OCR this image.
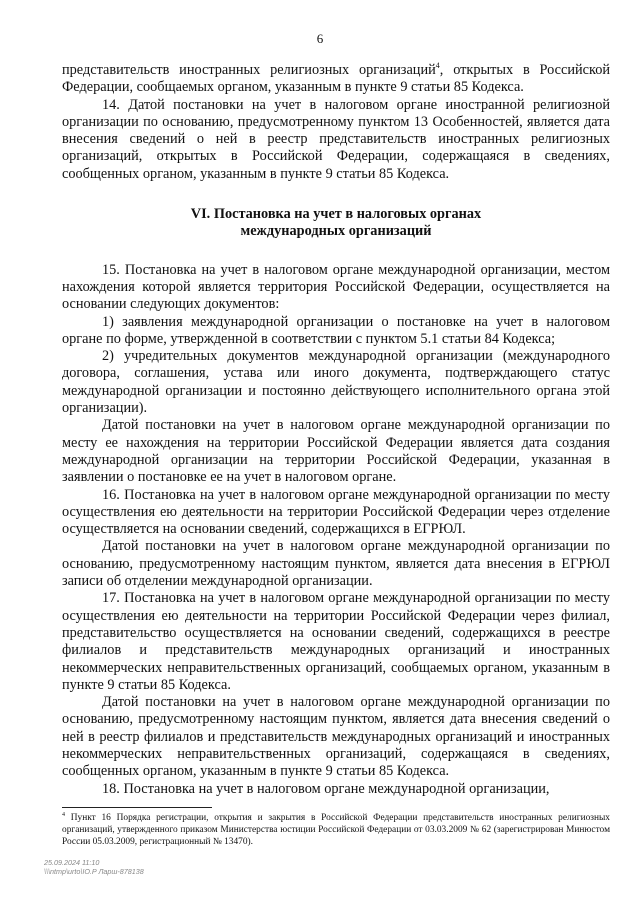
6

представительств иностранных религиозных организаций$^4$, открытых в Российской Федерации, сообщаемых органом, указанным в пункте 9 статьи 85 Кодекса.

14. Датой постановки на учет в налоговом органе иностранной религиозной организации по основанию, предусмотренному пунктом 13 Особенностей, является дата внесения сведений о ней в реестр представительств иностранных религиозных организаций, открытых в Российской Федерации, содержащаяся в сведениях, сообщенных органом, указанным в пункте 9 статьи 85 Кодекса.

VI. Постановка на учет в налоговых органах
международных организаций

15. Постановка на учет в налоговом органе международной организации, местом нахождения которой является территория Российской Федерации, осуществляется на основании следующих документов:

1) заявления международной организации о постановке на учет в налоговом органе по форме, утвержденной в соответствии с пунктом 5.1 статьи 84 Кодекса;

2) учредительных документов международной организации (международного договора, соглашения, устава или иного документа, подтверждающего статус международной организации и постоянно действующего исполнительного органа этой организации).

Датой постановки на учет в налоговом органе международной организации по месту ее нахождения на территории Российской Федерации является дата создания международной организации на территории Российской Федерации, указанная в заявлении о постановке ее на учет в налоговом органе.

16. Постановка на учет в налоговом органе международной организации по месту осуществления ею деятельности на территории Российской Федерации через отделение осуществляется на основании сведений, содержащихся в ЕГРЮЛ.

Датой постановки на учет в налоговом органе международной организации по основанию, предусмотренному настоящим пунктом, является дата внесения в ЕГРЮЛ записи об отделении международной организации.

17. Постановка на учет в налоговом органе международной организации по месту осуществления ею деятельности на территории Российской Федерации через филиал, представительство осуществляется на основании сведений, содержащихся в реестре филиалов и представительств международных организаций и иностранных некоммерческих неправительственных организаций, сообщаемых органом, указанным в пункте 9 статьи 85 Кодекса.

Датой постановки на учет в налоговом органе международной организации по основанию, предусмотренному настоящим пунктом, является дата внесения сведений о ней в реестр филиалов и представительств международных организаций и иностранных некоммерческих неправительственных организаций, содержащаяся в сведениях, сообщенных органом, указанным в пункте 9 статьи 85 Кодекса.

18. Постановка на учет в налоговом органе международной организации,

$^4$ Пункт 16 Порядка регистрации, открытия и закрытия в Российской Федерации представительств иностранных религиозных организаций, утвержденного приказом Министерства юстиции Российской Федерации от 03.03.2009 № 62 (зарегистрирован Минюстом России 05.03.2009, регистрационный № 13470).
25.09.2024 11:10
\\\ntmp\urto\IO.P Ларш-878138
